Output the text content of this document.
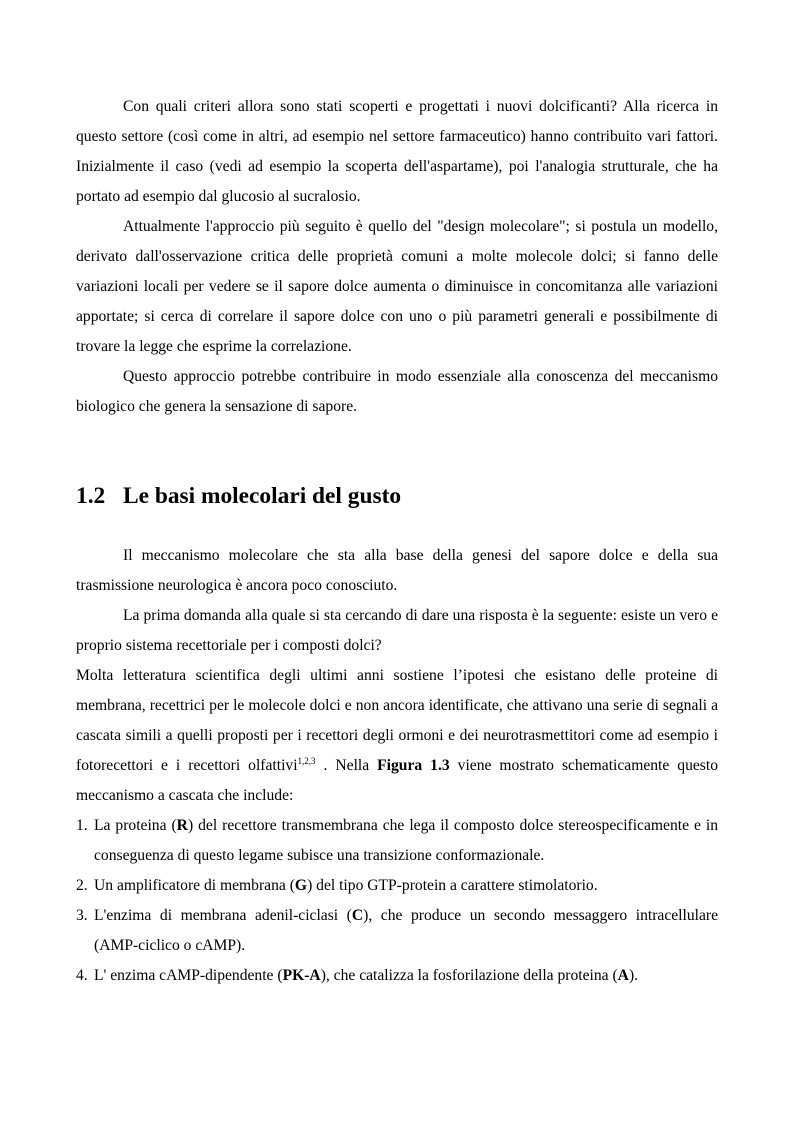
Con quali criteri allora sono stati scoperti e progettati i nuovi dolcificanti? Alla ricerca in questo settore (così come in altri, ad esempio nel settore farmaceutico) hanno contribuito vari fattori. Inizialmente il caso (vedi ad esempio la scoperta dell'aspartame), poi l'analogia strutturale, che ha portato ad esempio dal glucosio al sucralosio.

Attualmente l'approccio più seguito è quello del "design molecolare"; si postula un modello, derivato dall'osservazione critica delle proprietà comuni a molte molecole dolci; si fanno delle variazioni locali per vedere se il sapore dolce aumenta o diminuisce in concomitanza alle variazioni apportate; si cerca di correlare il sapore dolce con uno o più parametri generali e possibilmente di trovare la legge che esprime la correlazione.

Questo approccio potrebbe contribuire in modo essenziale alla conoscenza del meccanismo biologico che genera la sensazione di sapore.

1.2 Le basi molecolari del gusto

Il meccanismo molecolare che sta alla base della genesi del sapore dolce e della sua trasmissione neurologica è ancora poco conosciuto.

La prima domanda alla quale si sta cercando di dare una risposta è la seguente: esiste un vero e proprio sistema recettoriale per i composti dolci?

Molta letteratura scientifica degli ultimi anni sostiene l’ipotesi che esistano delle proteine di membrana, recettrici per le molecole dolci e non ancora identificate, che attivano una serie di segnali a cascata simili a quelli proposti per i recettori degli ormoni e dei neurotrasmettitori come ad esempio i fotorecettori e i recettori olfattivi$^{1,2,3}$ . Nella Figura 1.3 viene mostrato schematicamente questo meccanismo a cascata che include:

1. La proteina (R) del recettore transmembrana che lega il composto dolce stereospecificamente e in conseguenza di questo legame subisce una transizione conformazionale.
2. Un amplificatore di membrana (G) del tipo GTP-protein a carattere stimolatorio.
3. L'enzima di membrana adenil-ciclasi (C), che produce un secondo messaggero intracellulare (AMP-ciclico o cAMP).
4. L' enzima cAMP-dipendente (PK-A), che catalizza la fosforilazione della proteina (A).
